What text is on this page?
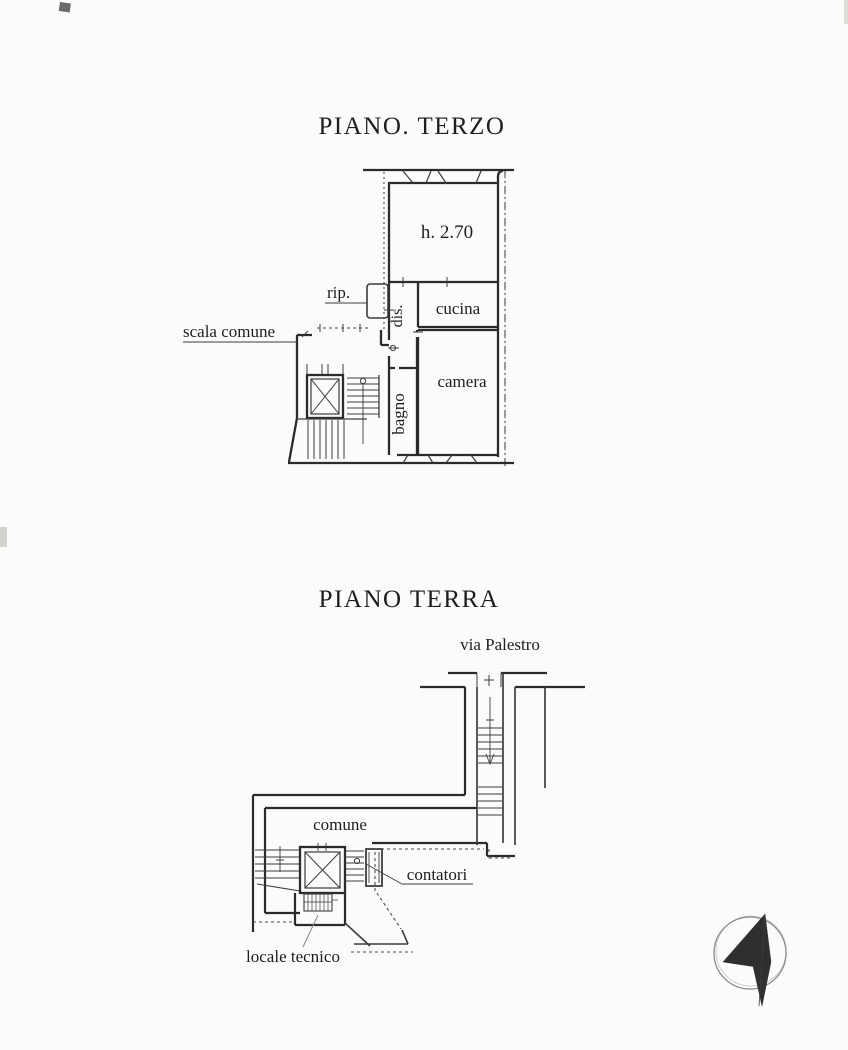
PIANO. TERZO
h. 2.70
rip.
dis. cucina
camera
bagno
scala comune
PIANO TERRA
via Palestro
comune
contatori
locale tecnico
